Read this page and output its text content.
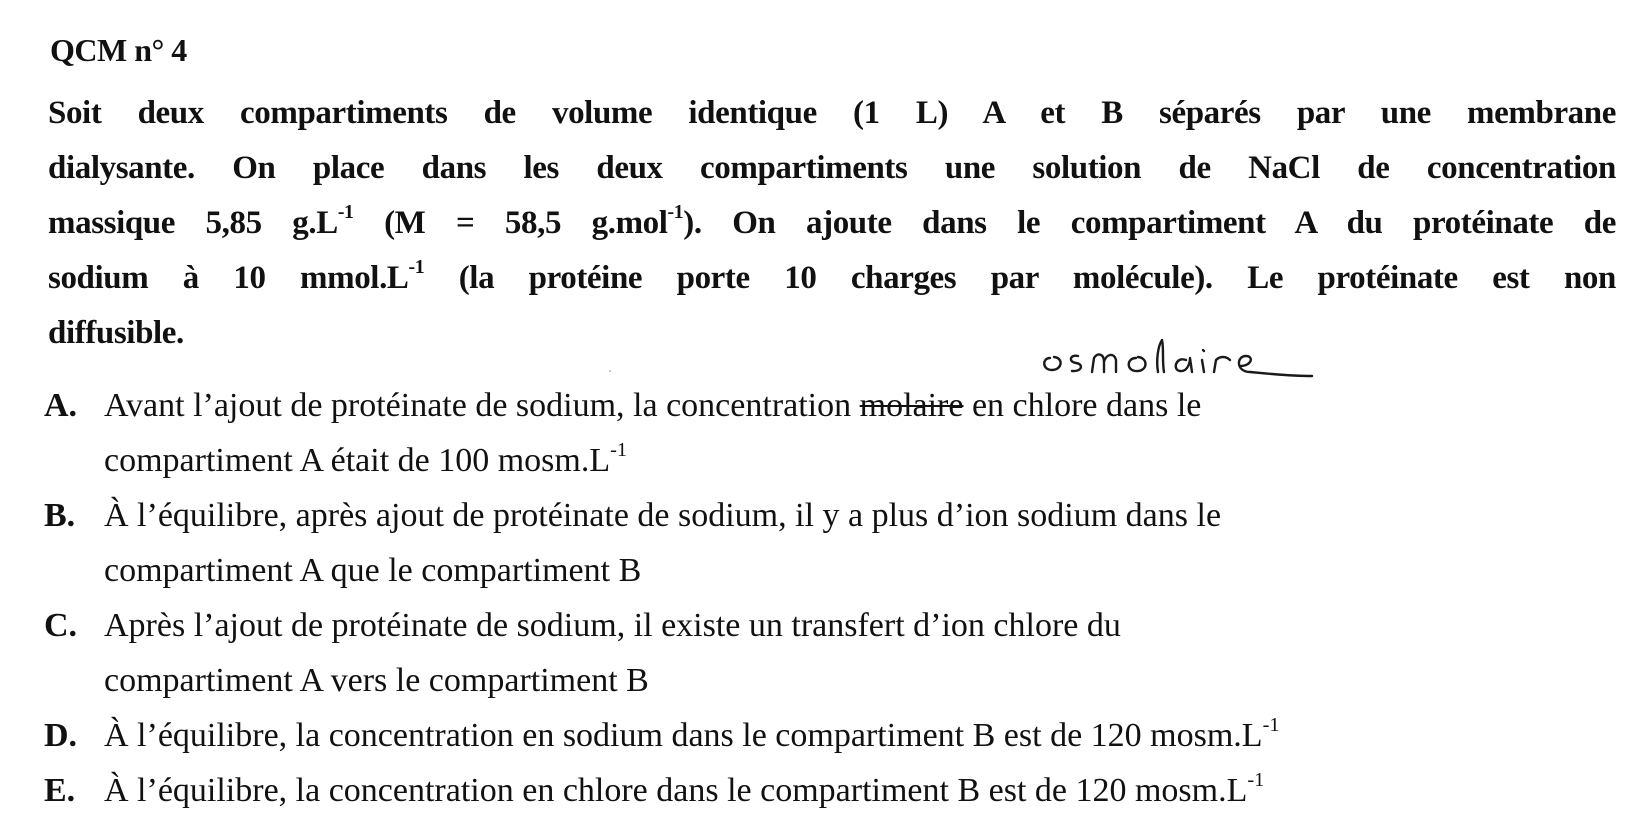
QCM n° 4
Soit deux compartiments de volume identique (1 L) A et B séparés par une membrane
dialysante. On place dans les deux compartiments une solution de NaCl de concentration
massique 5,85 $g.L^{-1}$ (M = 58,5 g.mol$^{-1}$). On ajoute dans le compartiment A du protéinate de
sodium à 10 $mmol.L^{-1}$ (la protéine porte 10 charges par molécule). Le protéinate est non
diffusible.
A. Avant l’ajout de protéinate de sodium, la concentration molaire en chlore dans le
compartiment A était de 100 $mosm.L^{-1}$
B. À l’équilibre, après ajout de protéinate de sodium, il y a plus d’ion sodium dans le
compartiment A que le compartiment B
C. Après l’ajout de protéinate de sodium, il existe un transfert d’ion chlore du
compartiment A vers le compartiment B
D. À l’équilibre, la concentration en sodium dans le compartiment B est de 120 $mosm.L^{-1}$
E. À l’équilibre, la concentration en chlore dans le compartiment B est de 120 $mosm.L^{-1}$
